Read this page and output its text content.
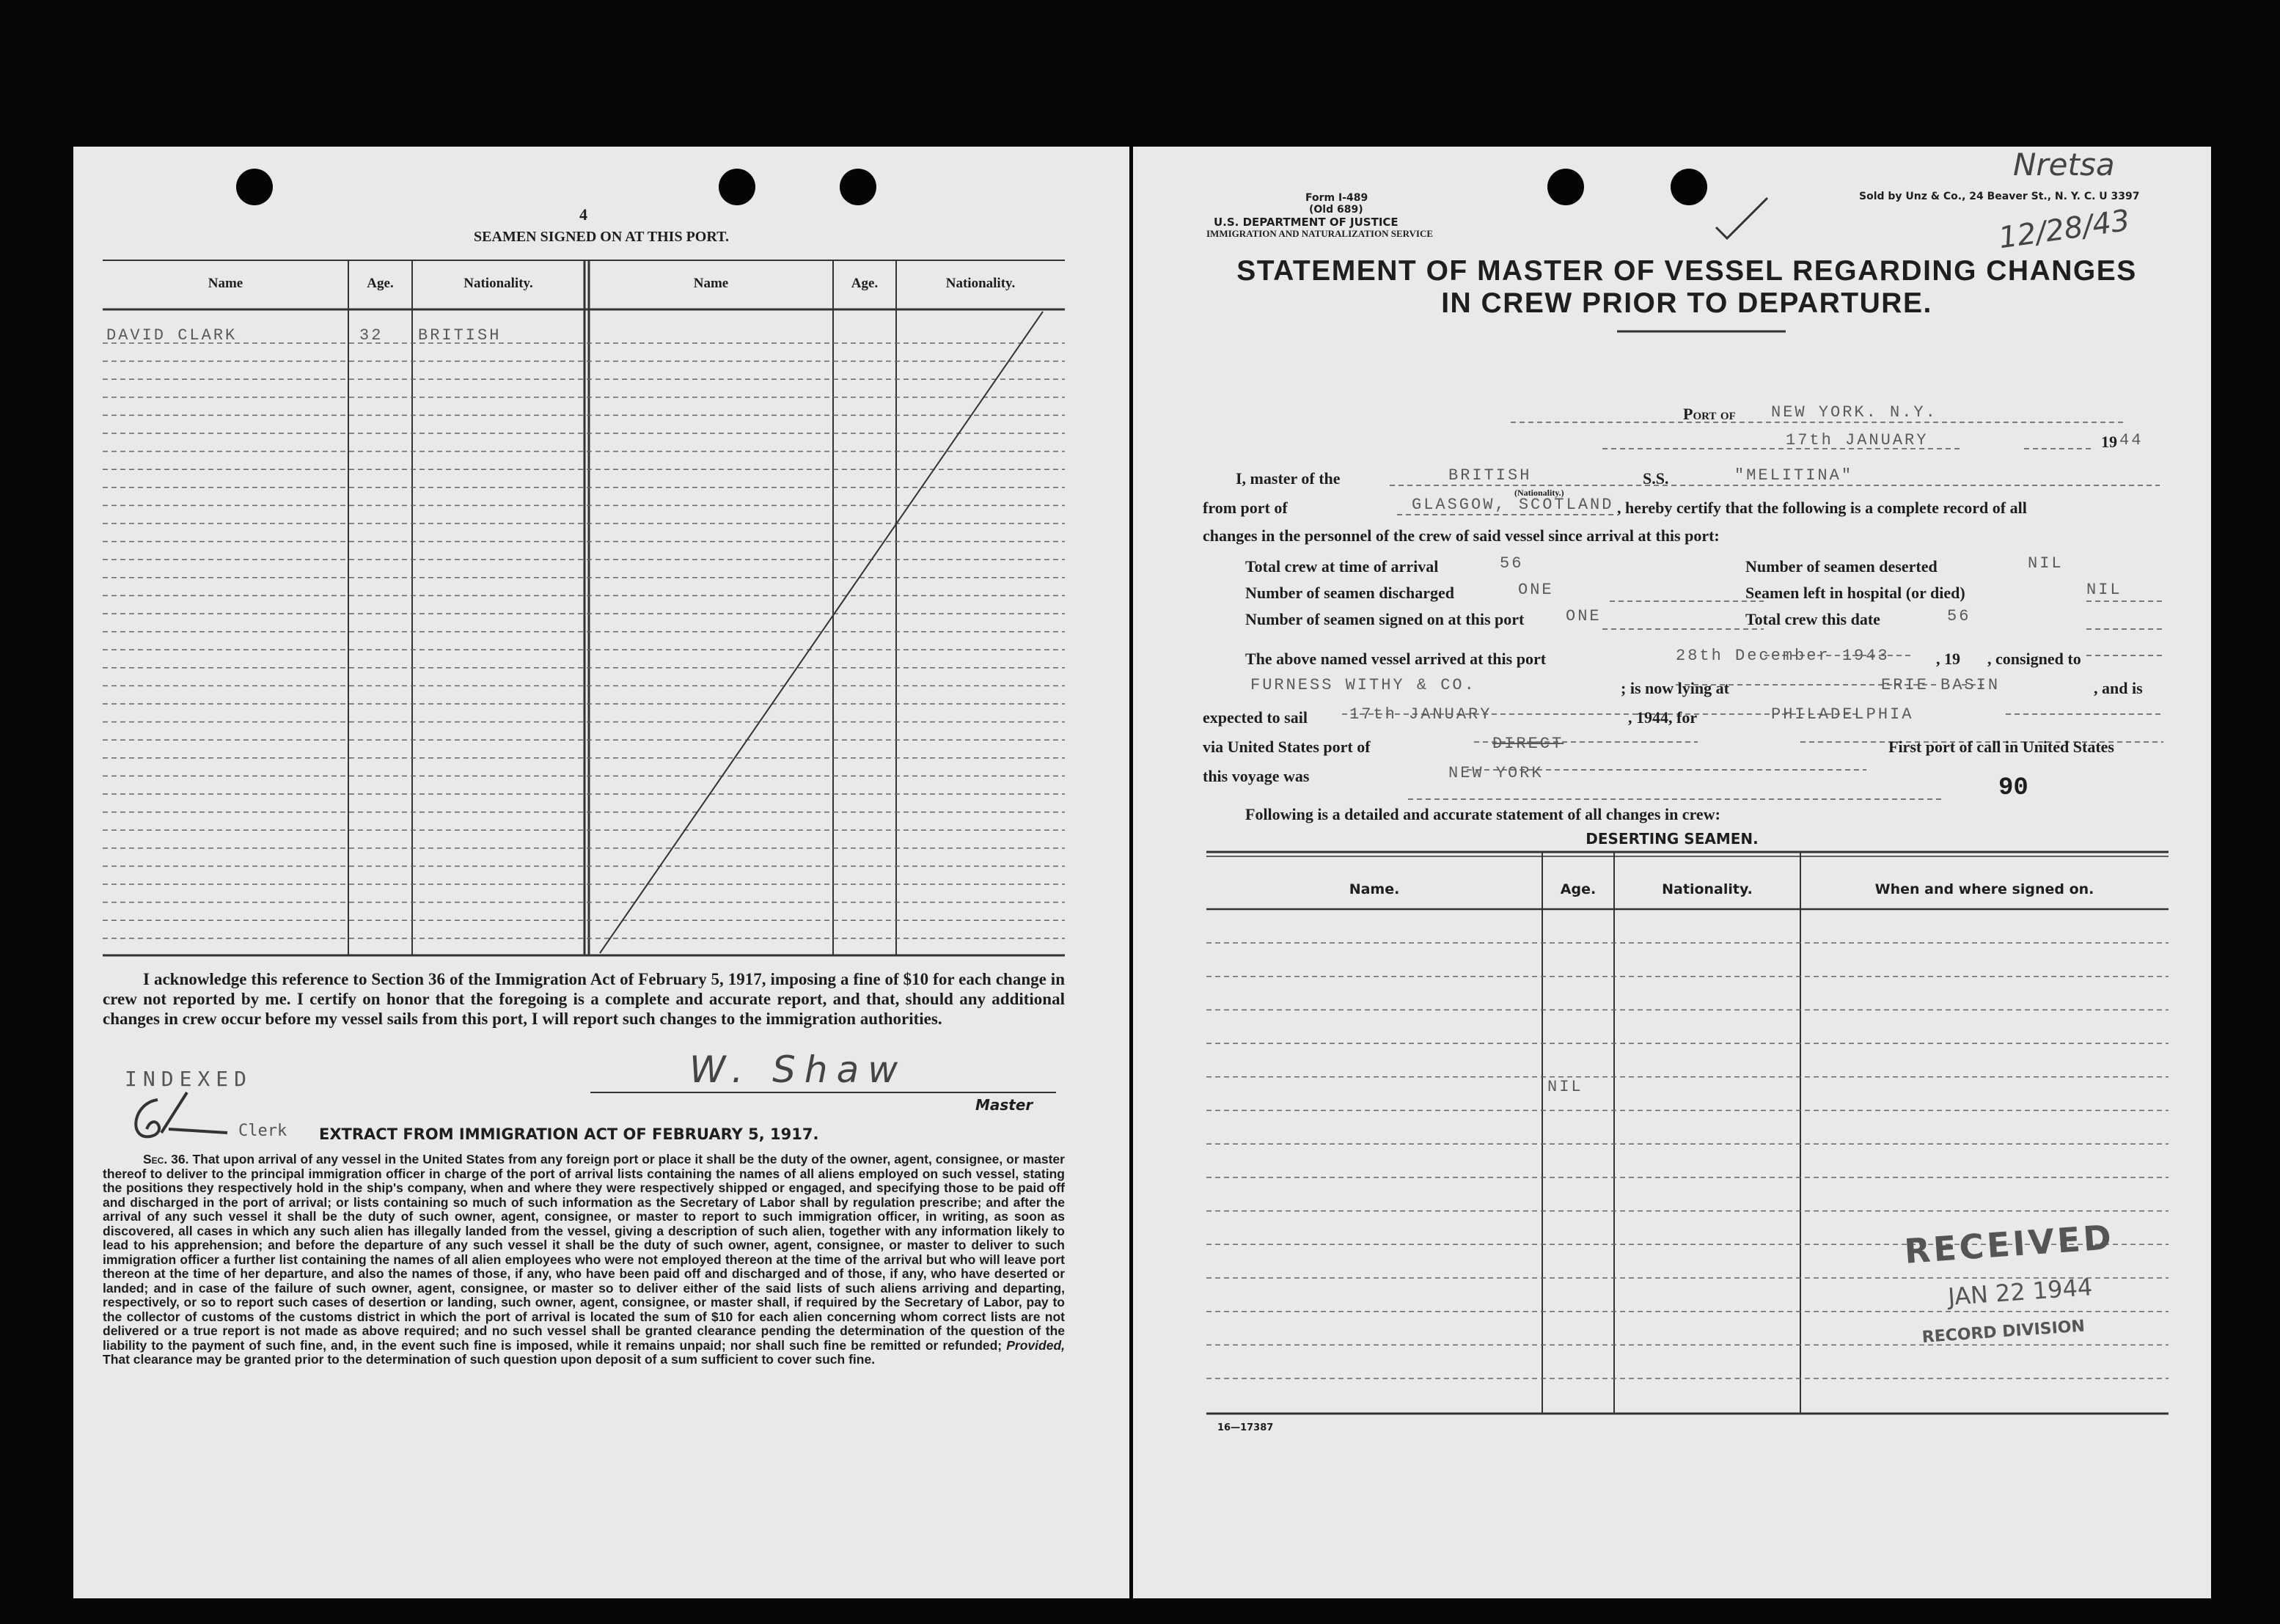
4
SEAMEN SIGNED ON AT THIS PORT.
Name	Age.	Nationality.	Name	Age.	Nationality.
DAVID CLARK	32 BRITISH
I acknowledge this reference to Section 36 of the Immigration Act of February 5, 1917, imposing a fine of $10 for each change in crew not reported by me. I certify on honor that the foregoing is a complete and accurate report, and that, should any additional changes in crew occur before my vessel sails from this port, I will report such changes to the immigration authorities.
INDEXED
Clerk
W. Shaw
Master
EXTRACT FROM IMMIGRATION ACT OF FEBRUARY 5, 1917.
Sec. 36. That upon arrival of any vessel in the United States from any foreign port or place it shall be the duty of the owner, agent, consignee, or master thereof to deliver to the principal immigration officer in charge of the port of arrival lists containing the names of all aliens employed on such vessel, stating the positions they respectively hold in the ship's company, when and where they were respectively shipped or engaged, and specifying those to be paid off and discharged in the port of arrival; or lists containing so much of such information as the Secretary of Labor shall by regulation prescribe; and after the arrival of any such vessel it shall be the duty of such owner, agent, consignee, or master to report to such immigration officer, in writing, as soon as discovered, all cases in which any such alien has illegally landed from the vessel, giving a description of such alien, together with any information likely to lead to his apprehension; and before the departure of any such vessel it shall be the duty of such owner, agent, consignee, or master to deliver to such immigration officer a further list containing the names of all alien employees who were not employed thereon at the time of the arrival but who will leave port thereon at the time of her departure, and also the names of those, if any, who have been paid off and discharged and of those, if any, who have deserted or landed; and in case of the failure of such owner, agent, consignee, or master so to deliver either of the said lists of such aliens arriving and departing, respectively, or so to report such cases of desertion or landing, such owner, agent, consignee, or master shall, if required by the Secretary of Labor, pay to the collector of customs of the customs district in which the port of arrival is located the sum of $10 for each alien concerning whom correct lists are not delivered or a true report is not made as above required; and no such vessel shall be granted clearance pending the determination of the question of the liability to the payment of such fine, and, in the event such fine is imposed, while it remains unpaid; nor shall such fine be remitted or refunded; Provided, That clearance may be granted prior to the determination of such question upon deposit of a sum sufficient to cover such fine.
Form I-489
(Old 689)
U.S. DEPARTMENT OF JUSTICE
IMMIGRATION AND NATURALIZATION SERVICE
Sold by Unz & Co., 24 Beaver St., N. Y. C. U 3397
Nretsa
12/28/43
STATEMENT OF MASTER OF VESSEL REGARDING CHANGES
IN CREW PRIOR TO DEPARTURE.
Port of NEW YORK. N.Y.
17th JANUARY	19 44
I, master of the	BRITISH
(Nationality.)
S.S.	"MELITINA"
from port of	GLASGOW, SCOTLAND , hereby certify that the following is a complete record of all
changes in the personnel of the crew of said vessel since arrival at this port:
Total crew at time of arrival	56	Number of seamen deserted	NIL
Number of seamen discharged	ONE	Seamen left in hospital (or died)	NIL
Number of seamen signed on at this port	ONE	Total crew this date	56
The above named vessel arrived at this port	28th December 1943	, 19 , consigned to
FURNESS WITHY & CO.	; is now lying at	ERIE BASIN	, and is
expected to sail	17th JANUARY	, 1944, for	PHILADELPHIA
via United States port of	DIRECT	First port of call in United States
this voyage was	NEW YORK
90
Following is a detailed and accurate statement of all changes in crew:
DESERTING SEAMEN.
Name.	Age.	Nationality.	When and where signed on.
NIL
RECEIVED
JAN 22 1944
RECORD DIVISION
16—17387
